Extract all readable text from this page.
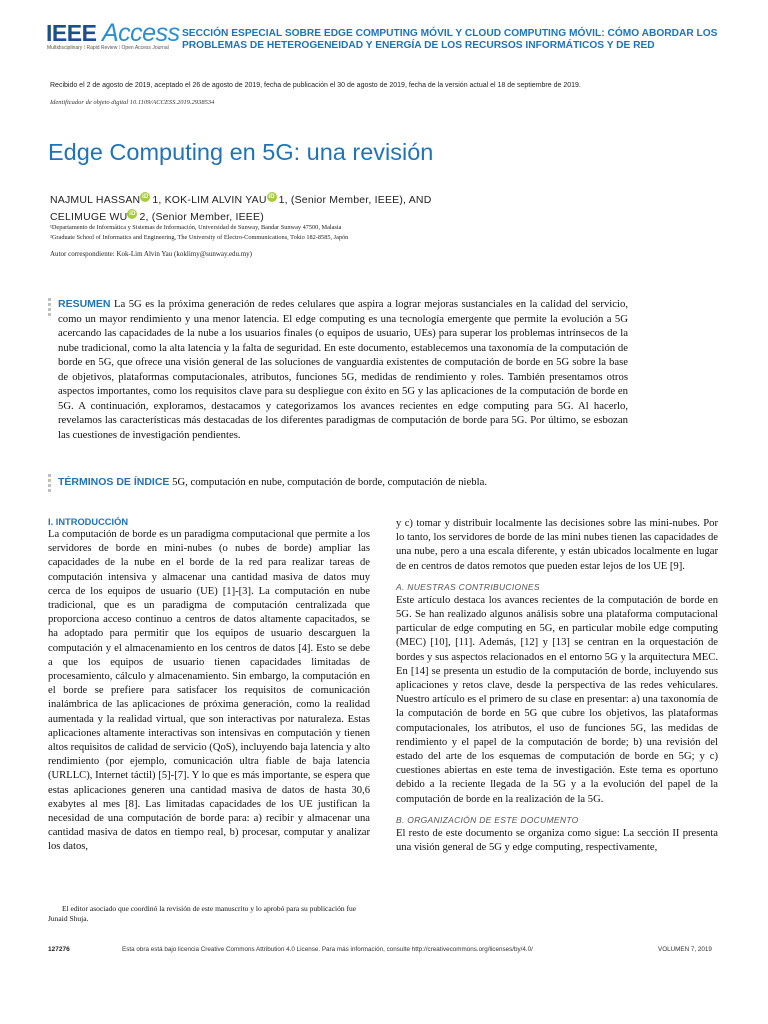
IEEE Access
Multidisciplinary ⁞ Rapid Review ⁞ Open Access Journal
SECCIÓN ESPECIAL SOBRE EDGE COMPUTING MÓVIL Y CLOUD COMPUTING MÓVIL: CÓMO ABORDAR LOS PROBLEMAS DE HETEROGENEIDAD Y ENERGÍA DE LOS RECURSOS INFORMÁTICOS Y DE RED
Recibido el 2 de agosto de 2019, aceptado el 26 de agosto de 2019, fecha de publicación el 30 de agosto de 2019, fecha de la versión actual el 18 de septiembre de 2019.
Identificador de objeto digital 10.1109/ACCESS.2019.2938534
Edge Computing en 5G: una revisión
NAJMUL HASSAN iD 1, KOK-LIM ALVIN YAU iD 1, (Senior Member, IEEE), AND
CELIMUGE WU iD 2, (Senior Member, IEEE)
¹Departamento de Informática y Sistemas de Información, Universidad de Sunway, Bandar Sunway 47500, Malasia
²Graduate School of Informatics and Engineering, The University of Electro-Communications, Tokio 182-8585, Japón
Autor correspondiente: Kok-Lim Alvin Yau (koklimy@sunway.edu.my)
RESUMEN La 5G es la próxima generación de redes celulares que aspira a lograr mejoras sustanciales en la calidad del servicio, como un mayor rendimiento y una menor latencia. El edge computing es una tecnología emergente que permite la evolución a 5G acercando las capacidades de la nube a los usuarios finales (o equipos de usuario, UEs) para superar los problemas intrínsecos de la nube tradicional, como la alta latencia y la falta de seguridad. En este documento, establecemos una taxonomía de la computación de borde en 5G, que ofrece una visión general de las soluciones de vanguardia existentes de computación de borde en 5G sobre la base de objetivos, plataformas computacionales, atributos, funciones 5G, medidas de rendimiento y roles. También presentamos otros aspectos importantes, como los requisitos clave para su despliegue con éxito en 5G y las aplicaciones de la computación de borde en 5G. A continuación, exploramos, destacamos y categorizamos los avances recientes en edge computing para 5G. Al hacerlo, revelamos las características más destacadas de los diferentes paradigmas de computación de borde para 5G. Por último, se esbozan las cuestiones de investigación pendientes.
TÉRMINOS DE ÍNDICE 5G, computación en nube, computación de borde, computación de niebla.
I. INTRODUCCIÓN

La computación de borde es un paradigma computacional que permite a los servidores de borde en mini-nubes (o nubes de borde) ampliar las capacidades de la nube en el borde de la red para realizar tareas de computación intensiva y almacenar una cantidad masiva de datos muy cerca de los equipos de usuario (UE) [1]-[3]. La computación en nube tradicional, que es un paradigma de computación centralizada que proporciona acceso continuo a centros de datos altamente capacitados, se ha adoptado para permitir que los equipos de usuario descarguen la computación y el almacenamiento en los centros de datos [4]. Esto se debe a que los equipos de usuario tienen capacidades limitadas de procesamiento, cálculo y almacenamiento. Sin embargo, la computación en el borde se prefiere para satisfacer los requisitos de comunicación inalámbrica de las aplicaciones de próxima generación, como la realidad aumentada y la realidad virtual, que son interactivas por naturaleza. Estas aplicaciones altamente interactivas son intensivas en computación y tienen altos requisitos de calidad de servicio (QoS), incluyendo baja latencia y alto rendimiento (por ejemplo, comunicación ultra fiable de baja latencia (URLLC), Internet táctil) [5]-[7]. Y lo que es más importante, se espera que estas aplicaciones generen una cantidad masiva de datos de hasta 30,6 exabytes al mes [8]. Las limitadas capacidades de los UE justifican la necesidad de una computación de borde para: a) recibir y almacenar una cantidad masiva de datos en tiempo real, b) procesar, computar y analizar los datos,

y c) tomar y distribuir localmente las decisiones sobre las mini-nubes. Por lo tanto, los servidores de borde de las mini nubes tienen las capacidades de una nube, pero a una escala diferente, y están ubicados localmente en lugar de en centros de datos remotos que pueden estar lejos de los UE [9].

A. NUESTRAS CONTRIBUCIONES

Este artículo destaca los avances recientes de la computación de borde en 5G. Se han realizado algunos análisis sobre una plataforma computacional particular de edge computing en 5G, en particular mobile edge computing (MEC) [10], [11]. Además, [12] y [13] se centran en la orquestación de bordes y sus aspectos relacionados en el entorno 5G y la arquitectura MEC. En [14] se presenta un estudio de la computación de borde, incluyendo sus aplicaciones y retos clave, desde la perspectiva de las redes vehiculares. Nuestro artículo es el primero de su clase en presentar: a) una taxonomía de la computación de borde en 5G que cubre los objetivos, las plataformas computacionales, los atributos, el uso de funciones 5G, las medidas de rendimiento y el papel de la computación de borde; b) una revisión del estado del arte de los esquemas de computación de borde en 5G; y c) cuestiones abiertas en este tema de investigación. Este tema es oportuno debido a la reciente llegada de la 5G y a la evolución del papel de la computación de borde en la realización de la 5G.

B. ORGANIZACIÓN DE ESTE DOCUMENTO

El resto de este documento se organiza como sigue: La sección II presenta una visión general de 5G y edge computing, respectivamente,

El editor asociado que coordinó la revisión de este manuscrito y lo aprobó para su publicación fue Junaid Shuja.
127276	Esta obra está bajo licencia Creative Commons Attribution 4.0 License. Para más información, consulte http://creativecommons.org/licenses/by/4.0/	VOLUMEN 7, 2019
